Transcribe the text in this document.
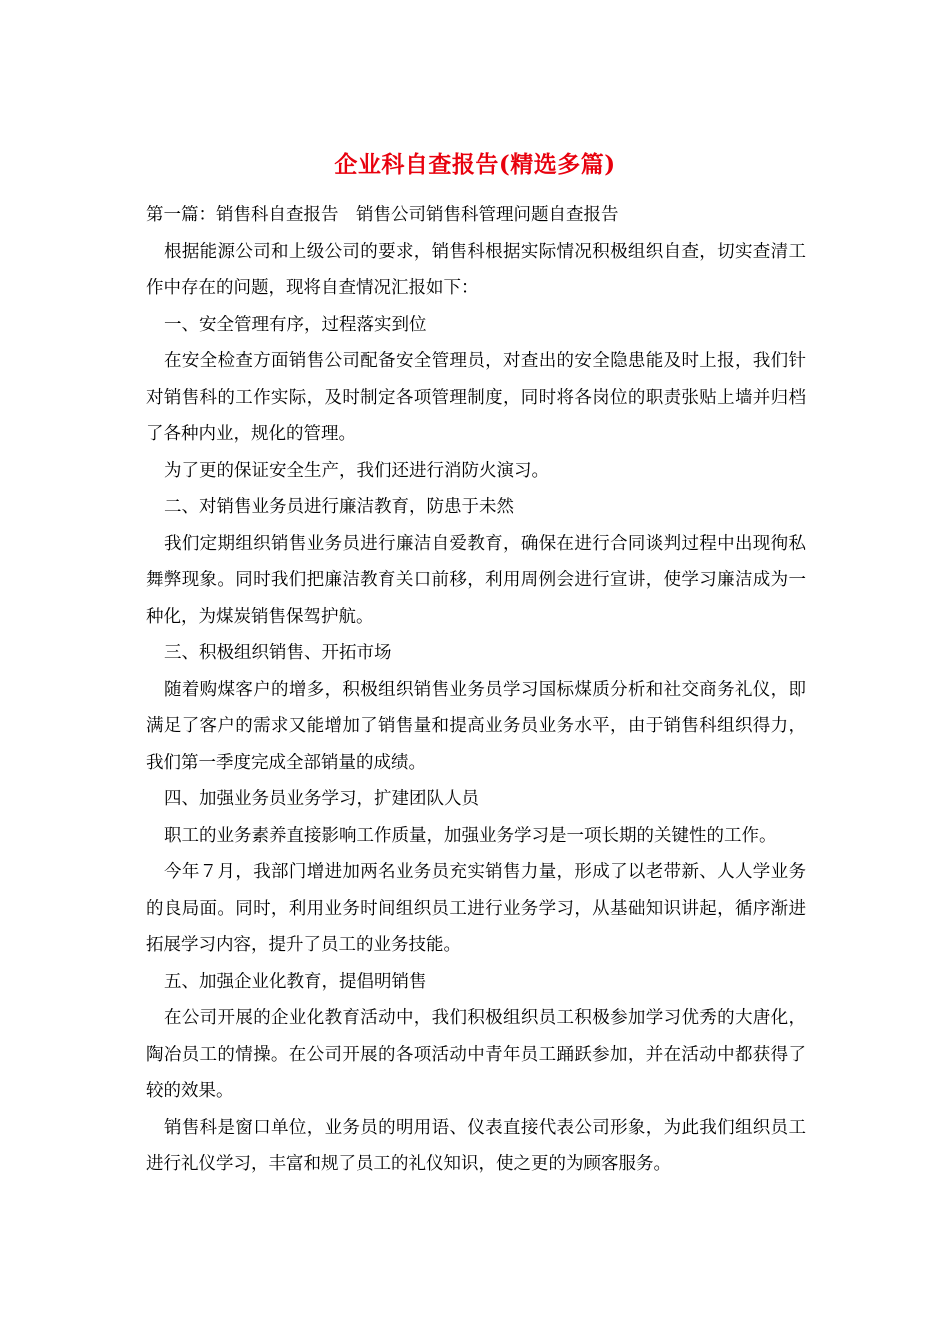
企业科自查报告(精选多篇)

第一篇：销售科自查报告　销售公司销售科管理问题自查报告

根据能源公司和上级公司的要求，销售科根据实际情况积极组织自查，切实查清工作中存在的问题，现将自查情况汇报如下：

一、安全管理有序，过程落实到位

在安全检查方面销售公司配备安全管理员，对查出的安全隐患能及时上报，我们针对销售科的工作实际，及时制定各项管理制度，同时将各岗位的职责张贴上墙并归档了各种内业，规化的管理。

为了更的保证安全生产，我们还进行消防火演习。

二、对销售业务员进行廉洁教育，防患于未然

我们定期组织销售业务员进行廉洁自爱教育，确保在进行合同谈判过程中出现徇私舞弊现象。同时我们把廉洁教育关口前移，利用周例会进行宣讲，使学习廉洁成为一种化，为煤炭销售保驾护航。

三、积极组织销售、开拓市场

随着购煤客户的增多，积极组织销售业务员学习国标煤质分析和社交商务礼仪，即满足了客户的需求又能增加了销售量和提高业务员业务水平，由于销售科组织得力，我们第一季度完成全部销量的成绩。

四、加强业务员业务学习，扩建团队人员

职工的业务素养直接影响工作质量，加强业务学习是一项长期的关键性的工作。

今年７月，我部门增进加两名业务员充实销售力量，形成了以老带新、人人学业务的良局面。同时，利用业务时间组织员工进行业务学习，从基础知识讲起，循序渐进拓展学习内容，提升了员工的业务技能。

五、加强企业化教育，提倡明销售

在公司开展的企业化教育活动中，我们积极组织员工积极参加学习优秀的大唐化，陶冶员工的情操。在公司开展的各项活动中青年员工踊跃参加，并在活动中都获得了较的效果。

销售科是窗口单位，业务员的明用语、仪表直接代表公司形象，为此我们组织员工进行礼仪学习，丰富和规了员工的礼仪知识，使之更的为顾客服务。
